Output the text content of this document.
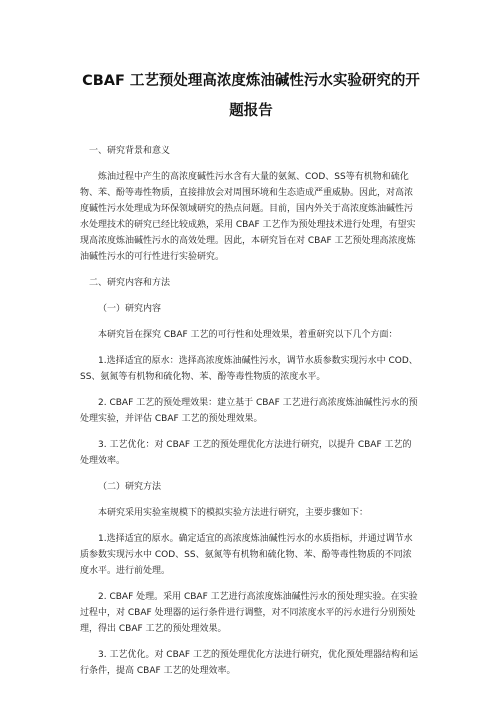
CBAF 工艺预处理高浓度炼油碱性污水实验研究的开题报告

一、研究背景和意义

炼油过程中产生的高浓度碱性污水含有大量的氨氮、COD、SS等有机物和硫化物、苯、酚等毒性物质，直接排放会对周围环境和生态造成严重威胁。因此，对高浓度碱性污水处理成为环保领域研究的热点问题。目前，国内外关于高浓度炼油碱性污水处理技术的研究已经比较成熟，采用 CBAF 工艺作为预处理技术进行处理，有望实现高浓度炼油碱性污水的高效处理。因此，本研究旨在对 CBAF 工艺预处理高浓度炼油碱性污水的可行性进行实验研究。

二、研究内容和方法

（一）研究内容

本研究旨在探究 CBAF 工艺的可行性和处理效果，着重研究以下几个方面：

1.选择适宜的原水：选择高浓度炼油碱性污水，调节水质参数实现污水中 COD、SS、氨氮等有机物和硫化物、苯、酚等毒性物质的浓度水平。

2. CBAF 工艺的预处理效果：建立基于 CBAF 工艺进行高浓度炼油碱性污水的预处理实验，并评估 CBAF 工艺的预处理效果。

3. 工艺优化：对 CBAF 工艺的预处理优化方法进行研究，以提升 CBAF 工艺的处理效率。

（二）研究方法

本研究采用实验室规模下的模拟实验方法进行研究，主要步骤如下：

1.选择适宜的原水。确定适宜的高浓度炼油碱性污水的水质指标，并通过调节水质参数实现污水中 COD、SS、氨氮等有机物和硫化物、苯、酚等毒性物质的不同浓度水平。进行前处理。

2. CBAF 处理。采用 CBAF 工艺进行高浓度炼油碱性污水的预处理实验。在实验过程中，对 CBAF 处理器的运行条件进行调整，对不同浓度水平的污水进行分别预处理，得出 CBAF 工艺的预处理效果。

3. 工艺优化。对 CBAF 工艺的预处理优化方法进行研究，优化预处理器结构和运行条件，提高 CBAF 工艺的处理效率。
